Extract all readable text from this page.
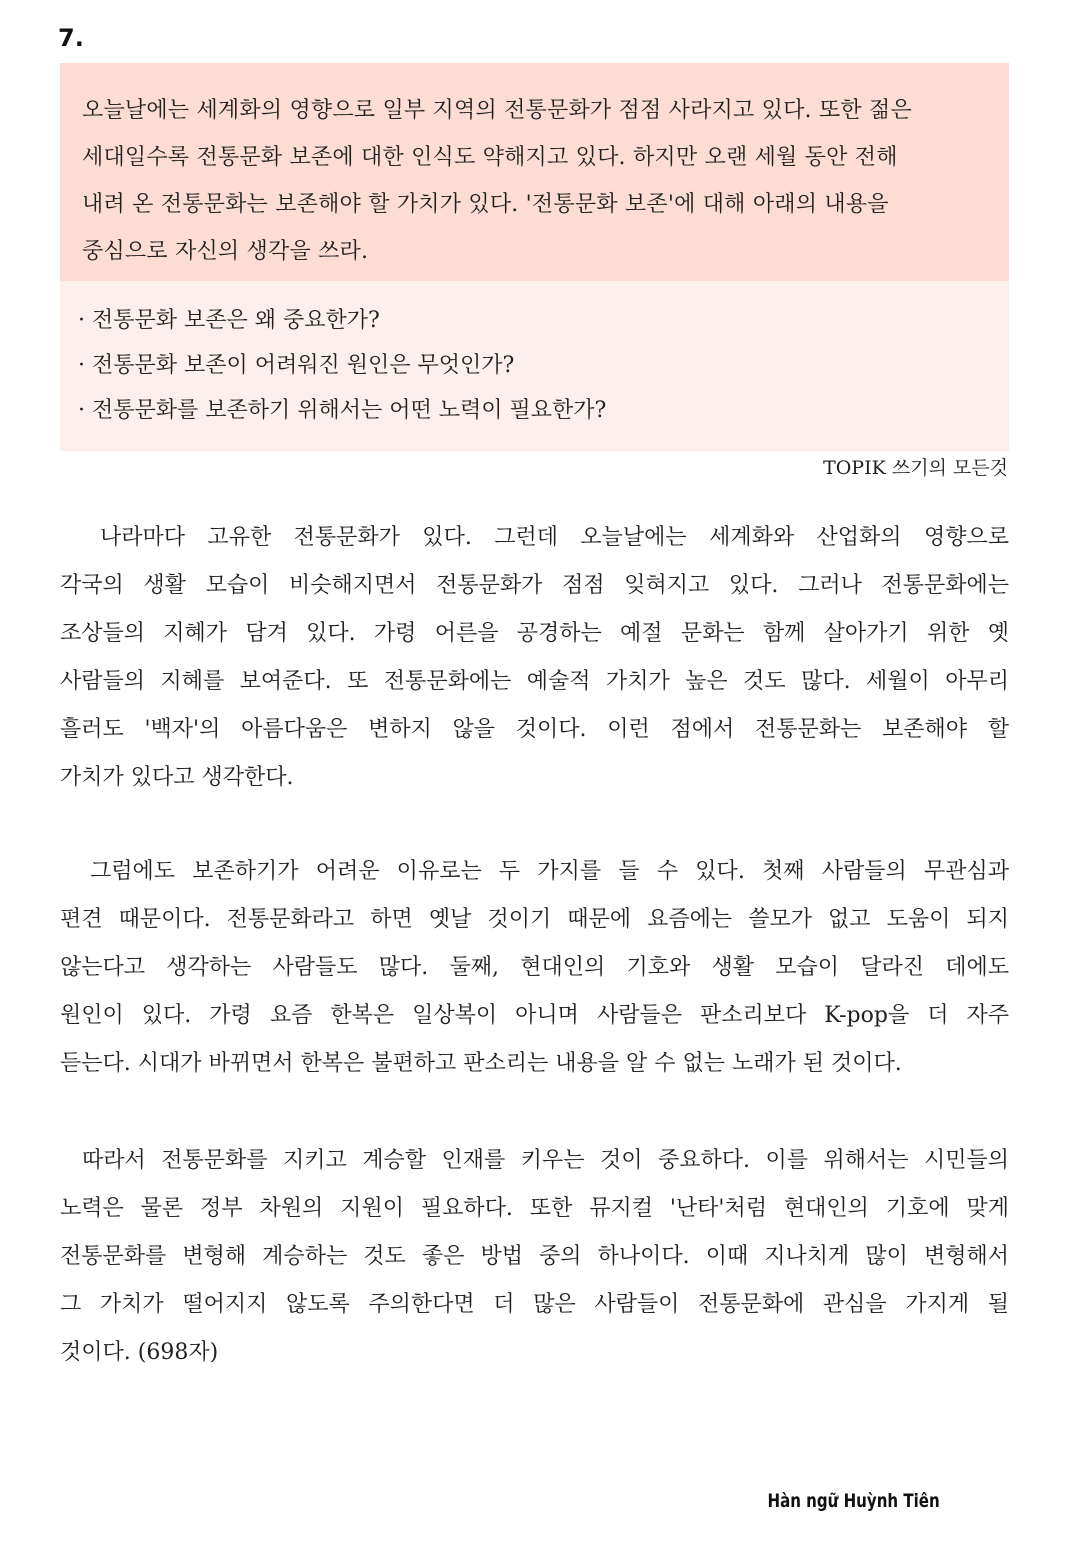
7.
오늘날에는 세계화의 영향으로 일부 지역의 전통문화가 점점 사라지고 있다. 또한 젊은
세대일수록 전통문화 보존에 대한 인식도 약해지고 있다. 하지만 오랜 세월 동안 전해
내려 온 전통문화는 보존해야 할 가치가 있다. '전통문화 보존'에 대해 아래의 내용을
중심으로 자신의 생각을 쓰라.
· 전통문화 보존은 왜 중요한가?
· 전통문화 보존이 어려워진 원인은 무엇인가?
· 전통문화를 보존하기 위해서는 어떤 노력이 필요한가?
TOPIK 쓰기의 모든것
나라마다 고유한 전통문화가 있다. 그런데 오늘날에는 세계화와 산업화의 영향으로
각국의 생활 모습이 비슷해지면서 전통문화가 점점 잊혀지고 있다. 그러나 전통문화에는
조상들의 지혜가 담겨 있다. 가령 어른을 공경하는 예절 문화는 함께 살아가기 위한 옛
사람들의 지혜를 보여준다. 또 전통문화에는 예술적 가치가 높은 것도 많다. 세월이 아무리
흘러도 '백자'의 아름다움은 변하지 않을 것이다. 이런 점에서 전통문화는 보존해야 할
가치가 있다고 생각한다.
그럼에도 보존하기가 어려운 이유로는 두 가지를 들 수 있다. 첫째 사람들의 무관심과
편견 때문이다. 전통문화라고 하면 옛날 것이기 때문에 요즘에는 쓸모가 없고 도움이 되지
않는다고 생각하는 사람들도 많다. 둘째, 현대인의 기호와 생활 모습이 달라진 데에도
원인이 있다. 가령 요즘 한복은 일상복이 아니며 사람들은 판소리보다 K-pop을 더 자주
듣는다. 시대가 바뀌면서 한복은 불편하고 판소리는 내용을 알 수 없는 노래가 된 것이다.
따라서 전통문화를 지키고 계승할 인재를 키우는 것이 중요하다. 이를 위해서는 시민들의
노력은 물론 정부 차원의 지원이 필요하다. 또한 뮤지컬 '난타'처럼 현대인의 기호에 맞게
전통문화를 변형해 계승하는 것도 좋은 방법 중의 하나이다. 이때 지나치게 많이 변형해서
그 가치가 떨어지지 않도록 주의한다면 더 많은 사람들이 전통문화에 관심을 가지게 될
것이다. (698자)
Hàn ngữ Huỳnh Tiên
